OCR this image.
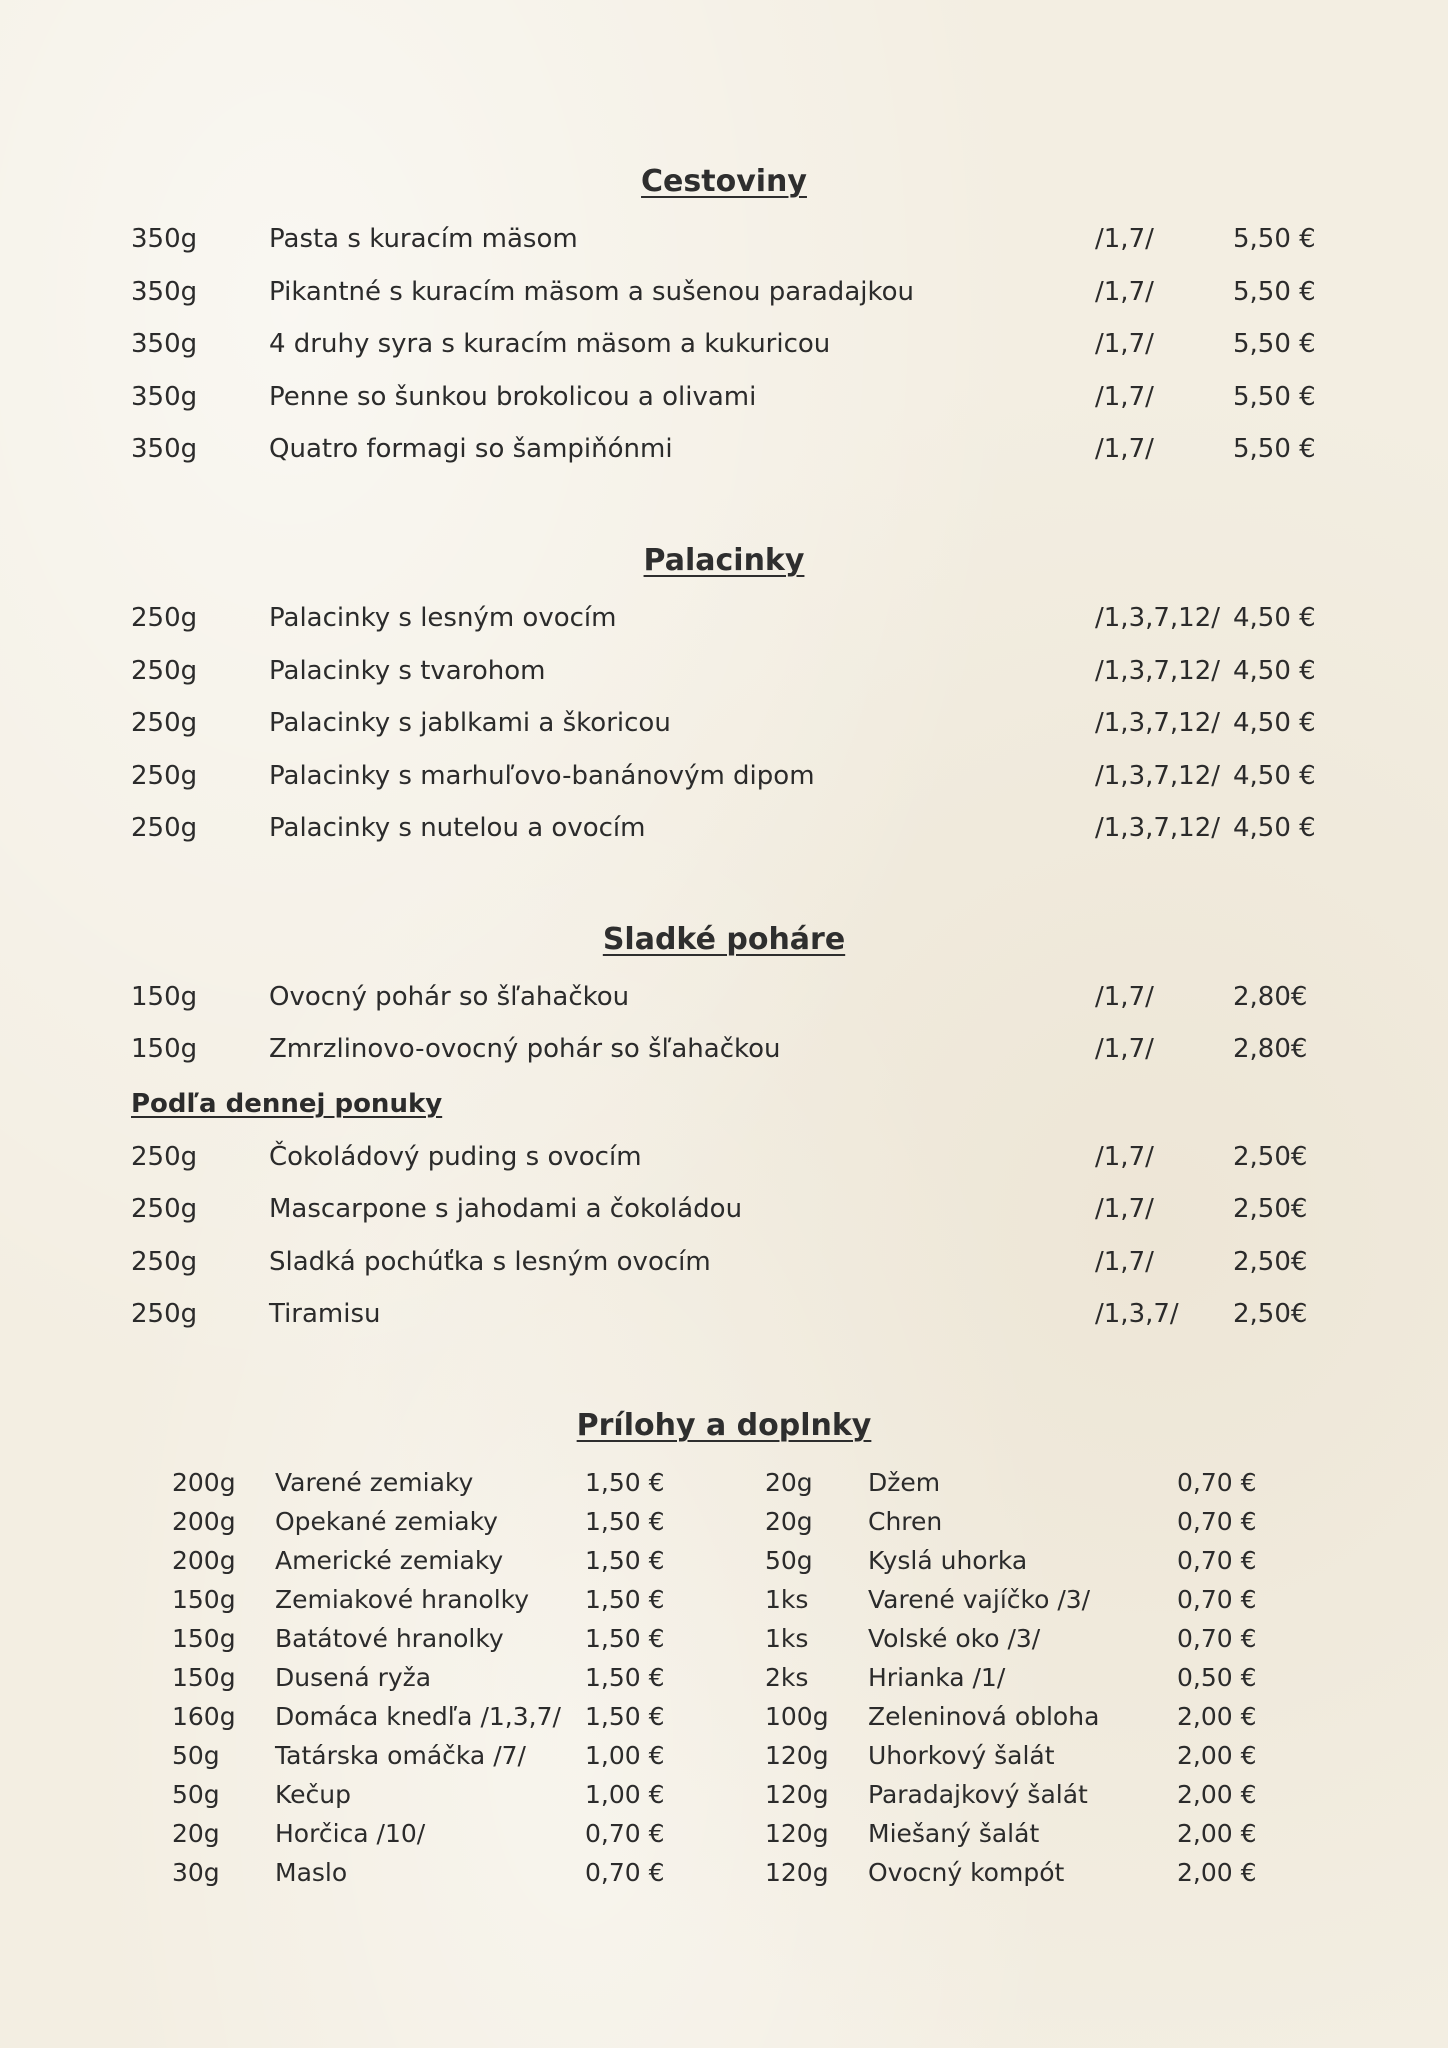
Cestoviny
350g	Pasta s kuracím mäsom	/1,7/	5,50 €
350g	Pikantné s kuracím mäsom a sušenou paradajkou	/1,7/	5,50 €
350g	4 druhy syra s kuracím mäsom a kukuricou	/1,7/	5,50 €
350g	Penne so šunkou brokolicou a olivami	/1,7/	5,50 €
350g	Quatro formagi so šampiňónmi	/1,7/	5,50 €
Palacinky
250g	Palacinky s lesným ovocím	/1,3,7,12/ 4,50 €
250g	Palacinky s tvarohom	/1,3,7,12/ 4,50 €
250g	Palacinky s jablkami a škoricou	/1,3,7,12/ 4,50 €
250g	Palacinky s marhuľovo-banánovým dipom	/1,3,7,12/ 4,50 €
250g	Palacinky s nutelou a ovocím	/1,3,7,12/ 4,50 €
Sladké poháre
150g	Ovocný pohár so šľahačkou	/1,7/	2,80€
150g	Zmrzlinovo-ovocný pohár so šľahačkou	/1,7/	2,80€
Podľa dennej ponuky
250g	Čokoládový puding s ovocím	/1,7/	2,50€
250g	Mascarpone s jahodami a čokoládou	/1,7/	2,50€
250g	Sladká pochúťka s lesným ovocím	/1,7/	2,50€
250g	Tiramisu	/1,3,7/ 2,50€
Prílohy a doplnky
200g Varené zemiaky	1,50 €	20g Džem	0,70 €
200g Opekané zemiaky	1,50 €	20g Chren	0,70 €
200g Americké zemiaky	1,50 €	50g Kyslá uhorka	0,70 €
150g Zemiakové hranolky 1,50 €	1ks Varené vajíčko /3/	0,70 €
150g Batátové hranolky	1,50 €	1ks Volské oko /3/	0,70 €
150g Dusená ryža	1,50 €	2ks Hrianka /1/	0,50 €
160g Domáca knedľa /1,3,7/ 1,50 €	100g Zeleninová obloha	2,00 €
50g Tatárska omáčka /7/ 1,00 €	120g Uhorkový šalát	2,00 €
50g Kečup	1,00 €	120g Paradajkový šalát	2,00 €
20g Horčica /10/	0,70 €	120g Miešaný šalát	2,00 €
30g Maslo	0,70 €	120g Ovocný kompót	2,00 €
